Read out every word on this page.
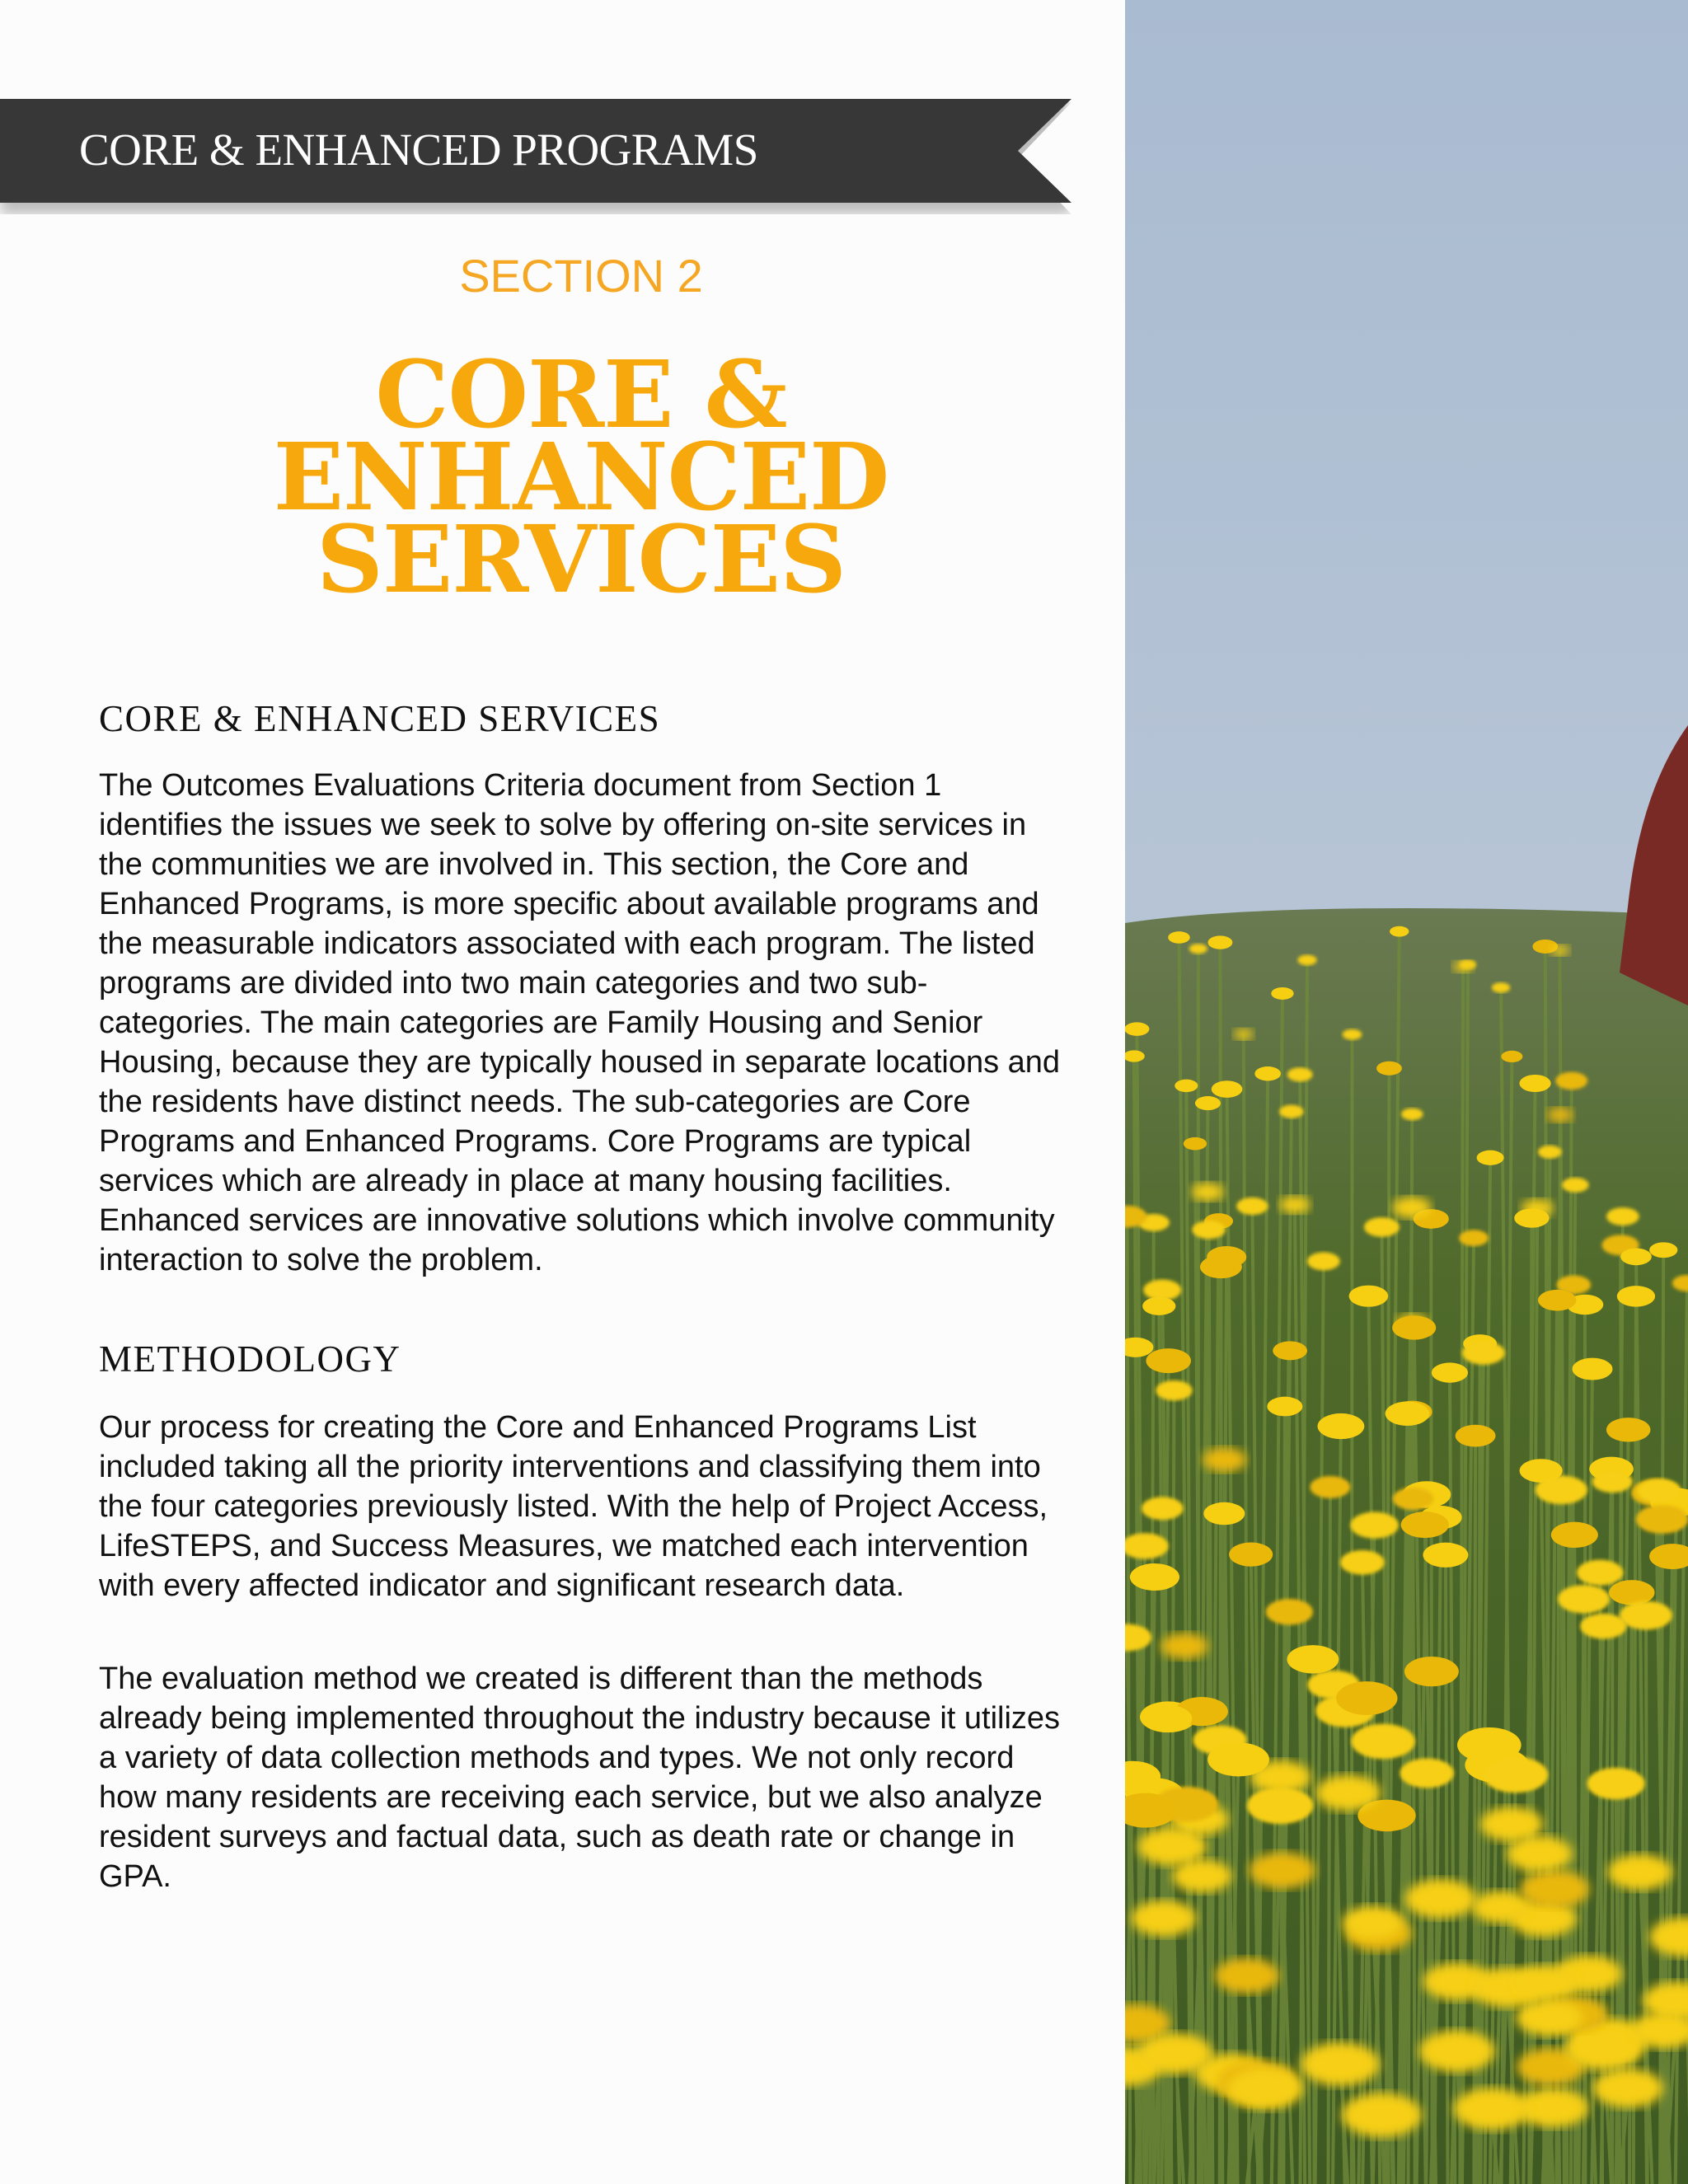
CORE & ENHANCED PROGRAMS
SECTION 2
CORE &
ENHANCED
SERVICES
CORE & ENHANCED SERVICES

The Outcomes Evaluations Criteria document from Section 1 identifies the issues we seek to solve by offering on-site services in the communities we are involved in. This section, the Core and Enhanced Programs, is more specific about available programs and the measurable indicators associated with each program. The listed programs are divided into two main categories and two sub-categories. The main categories are Family Housing and Senior Housing, because they are typically housed in separate locations and the residents have distinct needs. The sub-categories are Core Programs and Enhanced Programs. Core Programs are typical services which are already in place at many housing facilities. Enhanced services are innovative solutions which involve community interaction to solve the problem.

METHODOLOGY

Our process for creating the Core and Enhanced Programs List included taking all the priority interventions and classifying them into the four categories previously listed. With the help of Project Access, LifeSTEPS, and Success Measures, we matched each intervention with every affected indicator and significant research data.

The evaluation method we created is different than the methods already being implemented throughout the industry because it utilizes a variety of data collection methods and types. We not only record how many residents are receiving each service, but we also analyze resident surveys and factual data, such as death rate or change in GPA.
